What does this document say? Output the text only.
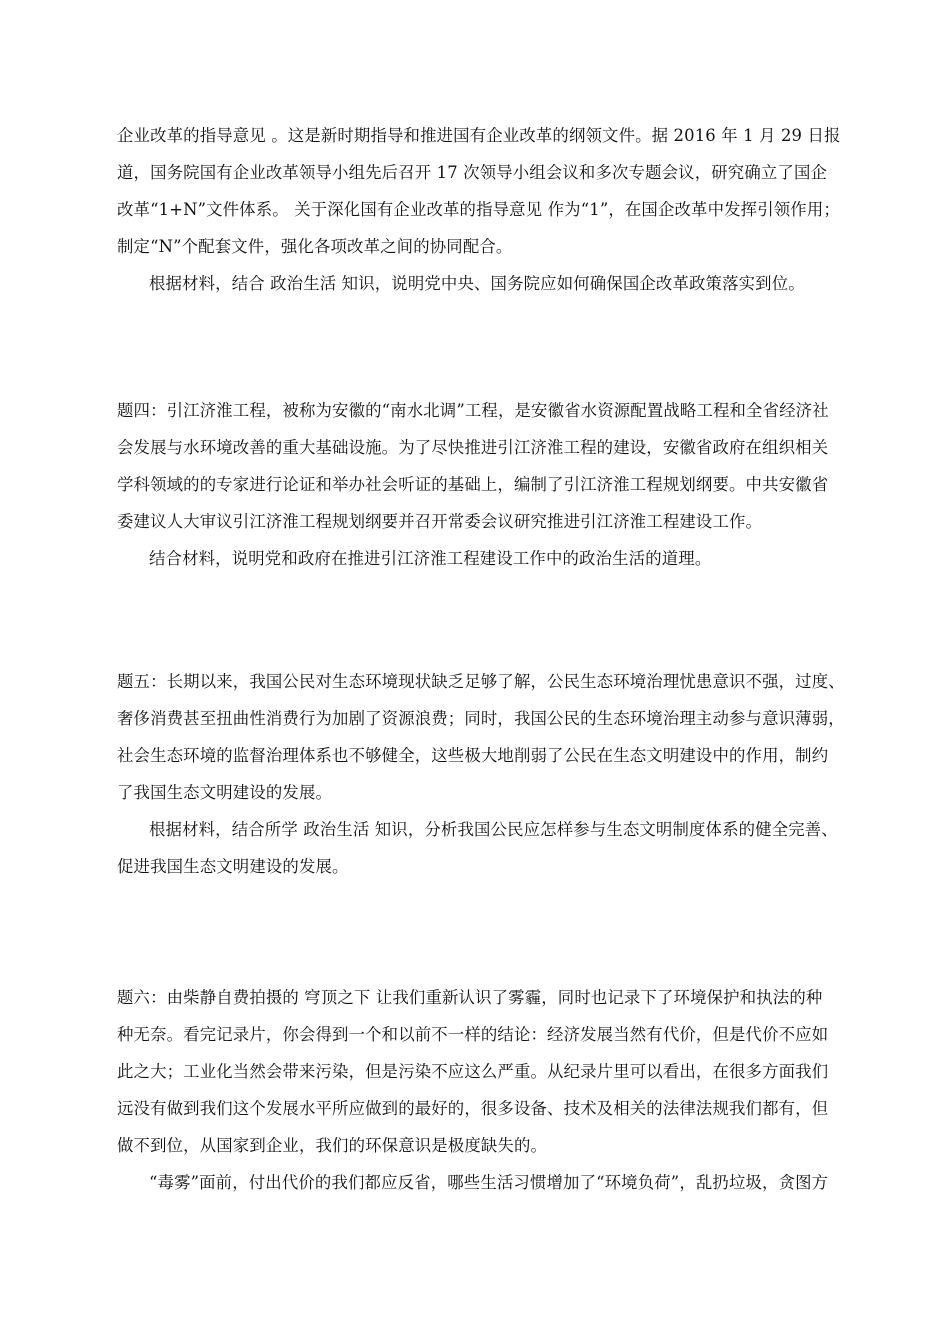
企业改革的指导意见 。这是新时期指导和推进国有企业改革的纲领文件。据 2016 年 1 月 29 日报
道，国务院国有企业改革领导小组先后召开 17 次领导小组会议和多次专题会议，研究确立了国企
改革“1+N”文件体系。 关于深化国有企业改革的指导意见 作为“1”，在国企改革中发挥引领作用；
制定“N”个配套文件，强化各项改革之间的协同配合。
根据材料，结合 政治生活 知识，说明党中央、国务院应如何确保国企改革政策落实到位。
题四：引江济淮工程，被称为安徽的“南水北调”工程，是安徽省水资源配置战略工程和全省经济社
会发展与水环境改善的重大基础设施。为了尽快推进引江济淮工程的建设，安徽省政府在组织相关
学科领域的的专家进行论证和举办社会听证的基础上，编制了引江济淮工程规划纲要。中共安徽省
委建议人大审议引江济淮工程规划纲要并召开常委会议研究推进引江济淮工程建设工作。
结合材料，说明党和政府在推进引江济淮工程建设工作中的政治生活的道理。
题五：长期以来，我国公民对生态环境现状缺乏足够了解，公民生态环境治理忧患意识不强，过度、
奢侈消费甚至扭曲性消费行为加剧了资源浪费；同时，我国公民的生态环境治理主动参与意识薄弱，
社会生态环境的监督治理体系也不够健全，这些极大地削弱了公民在生态文明建设中的作用，制约
了我国生态文明建设的发展。
根据材料，结合所学 政治生活 知识，分析我国公民应怎样参与生态文明制度体系的健全完善、
促进我国生态文明建设的发展。
题六：由柴静自费拍摄的 穹顶之下 让我们重新认识了雾霾，同时也记录下了环境保护和执法的种
种无奈。看完记录片，你会得到一个和以前不一样的结论：经济发展当然有代价，但是代价不应如
此之大；工业化当然会带来污染，但是污染不应这么严重。从纪录片里可以看出，在很多方面我们
远没有做到我们这个发展水平所应做到的最好的，很多设备、技术及相关的法律法规我们都有，但
做不到位，从国家到企业，我们的环保意识是极度缺失的。
“毒雾”面前，付出代价的我们都应反省，哪些生活习惯增加了“环境负荷”，乱扔垃圾，贪图方
